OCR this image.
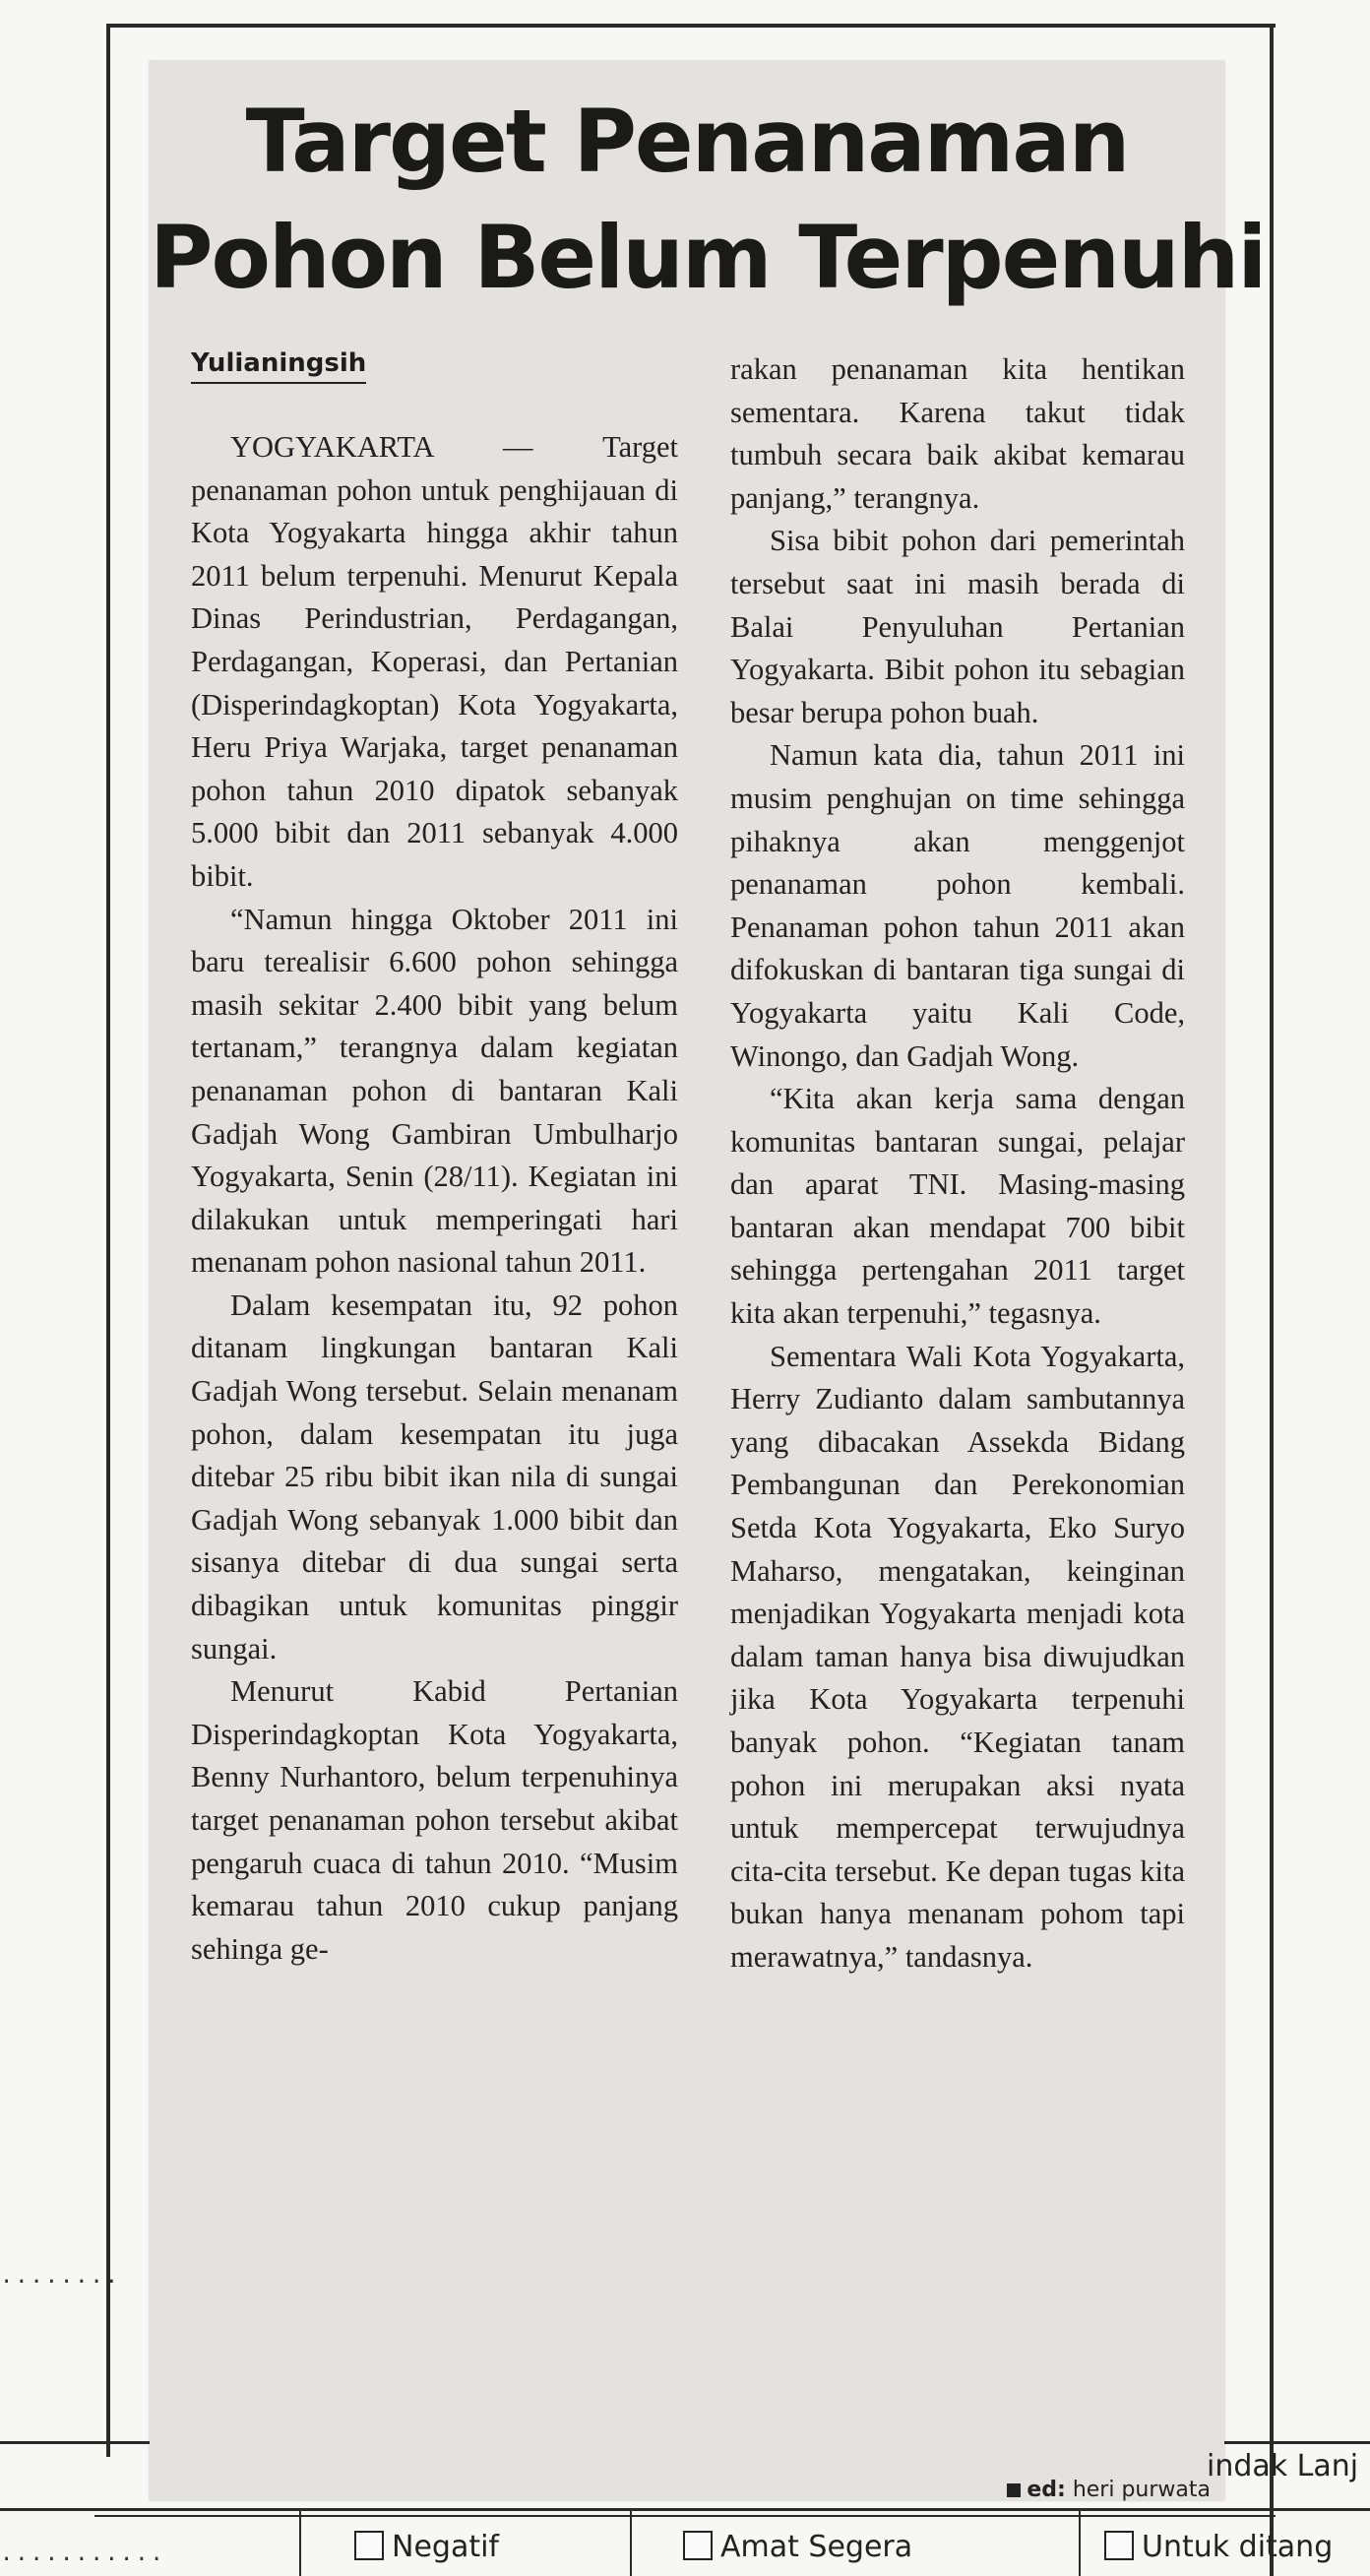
........
...........
Target Penanaman
Pohon Belum Terpenuhi
Yulianingsih

YOGYAKARTA — Target penanaman pohon untuk penghijauan di Kota Yogyakarta hingga akhir tahun 2011 belum terpenuhi. Menurut Kepala Dinas Perindustrian, Perdagangan, Perdagangan, Koperasi, dan Pertanian (Disperindagkoptan) Kota Yogyakarta, Heru Priya Warjaka, target penanaman pohon tahun 2010 dipatok sebanyak 5.000 bibit dan 2011 sebanyak 4.000 bibit.

“Namun hingga Oktober 2011 ini baru terealisir 6.600 pohon sehingga masih sekitar 2.400 bibit yang belum tertanam,” terangnya dalam kegiatan penanaman pohon di bantaran Kali Gadjah Wong Gambiran Umbulharjo Yogyakarta, Senin (28/11). Kegiatan ini dilakukan untuk memperingati hari menanam pohon nasional tahun 2011.

Dalam kesempatan itu, 92 pohon ditanam lingkungan bantaran Kali Gadjah Wong tersebut. Selain menanam pohon, dalam kesempatan itu juga ditebar 25 ribu bibit ikan nila di sungai Gadjah Wong sebanyak 1.000 bibit dan sisanya ditebar di dua sungai serta dibagikan untuk komunitas pinggir sungai.

Menurut Kabid Pertanian Disperindagkoptan Kota Yogyakarta, Benny Nurhantoro, belum terpenuhinya target penanaman pohon tersebut akibat pengaruh cuaca di tahun 2010. “Musim kemarau tahun 2010 cukup panjang sehinga ge-

rakan penanaman kita hentikan sementara. Karena takut tidak tumbuh secara baik akibat kemarau panjang,” terangnya.

Sisa bibit pohon dari pemerintah tersebut saat ini masih berada di Balai Penyuluhan Pertanian Yogyakarta. Bibit pohon itu sebagian besar berupa pohon buah.

Namun kata dia, tahun 2011 ini musim penghujan on time sehingga pihaknya akan menggenjot penanaman pohon kembali. Penanaman pohon tahun 2011 akan difokuskan di bantaran tiga sungai di Yogyakarta yaitu Kali Code, Winongo, dan Gadjah Wong.

“Kita akan kerja sama dengan komunitas bantaran sungai, pelajar dan aparat TNI. Masing-masing bantaran akan mendapat 700 bibit sehingga pertengahan 2011 target kita akan terpenuhi,” tegasnya.

Sementara Wali Kota Yogyakarta, Herry Zudianto dalam sambutannya yang dibacakan Assekda Bidang Pembangunan dan Perekonomian Setda Kota Yogyakarta, Eko Suryo Maharso, mengatakan, keinginan menjadikan Yogyakarta menjadi kota dalam taman hanya bisa diwujudkan jika Kota Yogyakarta terpenuhi banyak pohon. “Kegiatan tanam pohon ini merupakan aksi nyata untuk mempercepat terwujudnya cita-cita tersebut. Ke depan tugas kita bukan hanya menanam pohom tapi merawatnya,” tandasnya.

ed: heri purwata
indak Lanj
Negatif	Amat Segera	Untuk ditang
